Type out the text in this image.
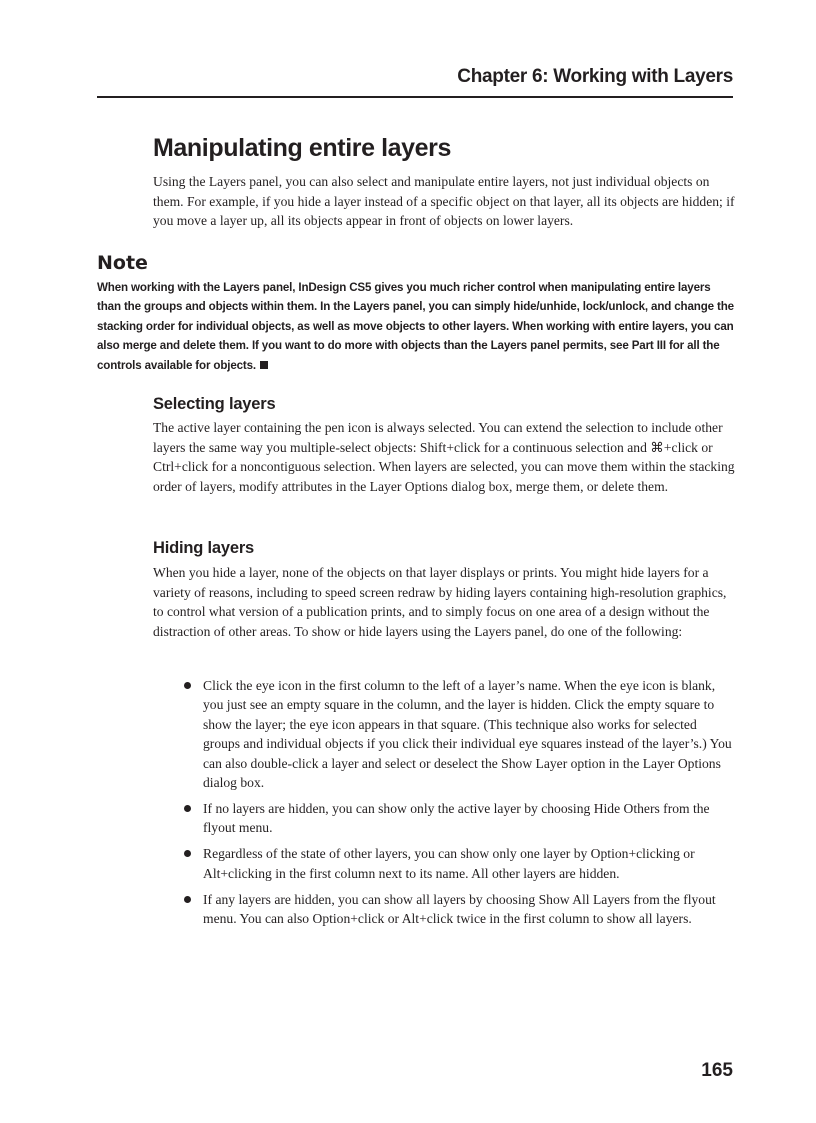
Chapter 6: Working with Layers
Manipulating entire layers

Using the Layers panel, you can also select and manipulate entire layers, not just individual objects on them. For example, if you hide a layer instead of a specific object on that layer, all its objects are hidden; if you move a layer up, all its objects appear in front of objects on lower layers.

Note

When working with the Layers panel, InDesign CS5 gives you much richer control when manipulating entire layers than the groups and objects within them. In the Layers panel, you can simply hide/unhide, lock/unlock, and change the stacking order for individual objects, as well as move objects to other layers. When working with entire layers, you can also merge and delete them. If you want to do more with objects than the Layers panel permits, see Part III for all the controls available for objects.

Selecting layers

The active layer containing the pen icon is always selected. You can extend the selection to include other layers the same way you multiple-select objects: Shift+click for a continuous selection and ⌘+click or Ctrl+click for a noncontiguous selection. When layers are selected, you can move them within the stacking order of layers, modify attributes in the Layer Options dialog box, merge them, or delete them.

Hiding layers

When you hide a layer, none of the objects on that layer displays or prints. You might hide layers for a variety of reasons, including to speed screen redraw by hiding layers containing high-resolution graphics, to control what version of a publication prints, and to simply focus on one area of a design without the distraction of other areas. To show or hide layers using the Layers panel, do one of the following:

Click the eye icon in the first column to the left of a layer’s name. When the eye icon is blank, you just see an empty square in the column, and the layer is hidden. Click the empty square to show the layer; the eye icon appears in that square. (This technique also works for selected groups and individual objects if you click their individual eye squares instead of the layer’s.) You can also double-click a layer and select or deselect the Show Layer option in the Layer Options dialog box.
If no layers are hidden, you can show only the active layer by choosing Hide Others from the flyout menu.
Regardless of the state of other layers, you can show only one layer by Option+clicking or Alt+clicking in the first column next to its name. All other layers are hidden.
If any layers are hidden, you can show all layers by choosing Show All Layers from the flyout menu. You can also Option+click or Alt+click twice in the first column to show all layers.

165
